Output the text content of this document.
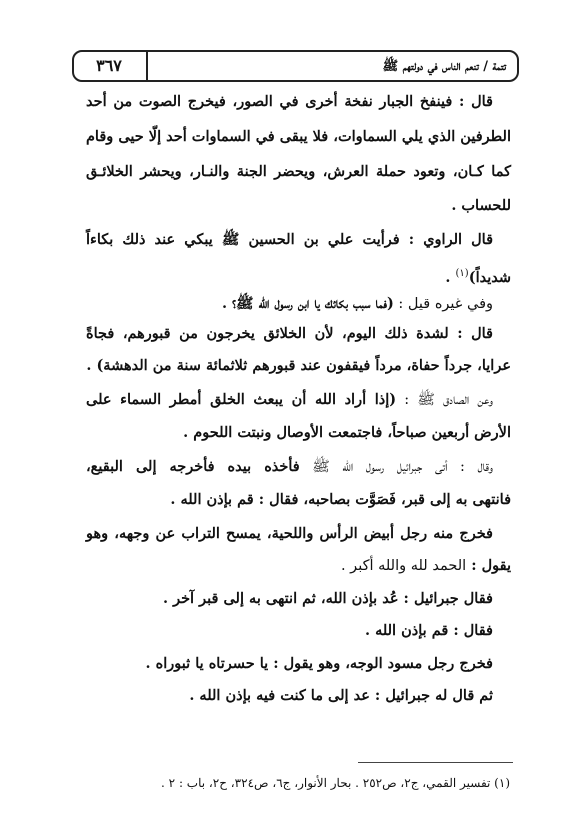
تتمة / تنعم الناس في دولتهم ﷺ
٣٦٧
قال : فينفخ الجبار نفخة أخرى في الصور، فيخرج الصوت من أحد
الطرفين الذي يلي السماوات، فلا يبقى في السماوات أحد إلّا حيى وقام
كما كـان، وتعود حملة العرش، ويحضر الجنة والنـار، ويحشر الخلائـق
للحساب .
قال الراوي : فرأيت علي بن الحسين ﷺ يبكي عند ذلك بكاءاً
شديداً)$^{(١)}$ .
وفي غيره قيل : (فما سبب بكائك يا ابن رسول الله ﷺ؟ .
قال : لشدة ذلك اليوم، لأن الخلائق يخرجون من قبورهم، فجاةً
عرايا، جرداً حفاة، مرداً فيقفون عند قبورهم ثلاثمائة سنة من الدهشة) .
وعن الصادق ﷺ : (إذا أراد الله أن يبعث الخلق أمطر السماء على
الأرض أربعين صباحاً، فاجتمعت الأوصال ونبتت اللحوم .
وقال : أتى جبرائيل رسول الله ﷺ فأخذه بيده فأخرجه إلى البقيع،
فانتهى به إلى قبر، فَصَوَّت بصاحبه، فقال : قم بإذن الله .
فخرج منه رجل أبيض الرأس واللحية، يمسح التراب عن وجهه، وهو
يقول : الحمد لله والله أكبر .
فقال جبرائيل : عُد بإذن الله، ثم انتهى به إلى قبر آخر .
فقال : قم بإذن الله .
فخرج رجل مسود الوجه، وهو يقول : يا حسرتاه يا ثبوراه .
ثم قال له جبرائيل : عد إلى ما كنت فيه بإذن الله .
(١) تفسير القمي، ج٢، ص٢٥٢ . بحار الأنوار، ج٦، ص٣٢٤، ح٢، باب : ٢ .
